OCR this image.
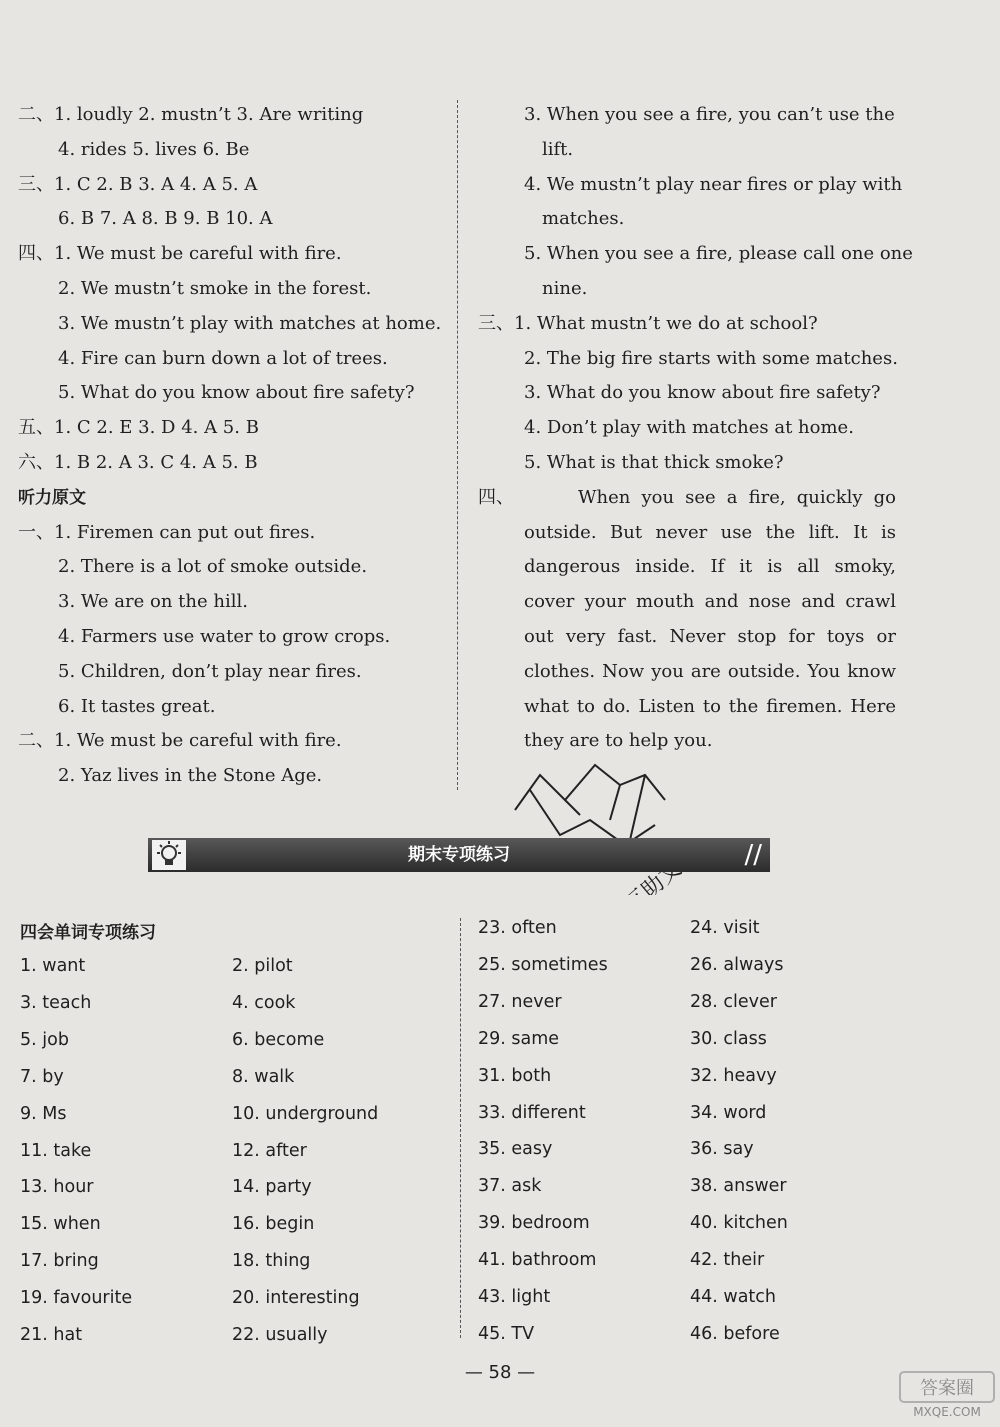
二、1. loudly 2. mustn’t 3. Are writing
4. rides 5. lives 6. Be
三、1. C 2. B 3. A 4. A 5. A
6. B 7. A 8. B 9. B 10. A
四、1. We must be careful with fire.
2. We mustn’t smoke in the forest.
3. We mustn’t play with matches at home.
4. Fire can burn down a lot of trees.
5. What do you know about fire safety?
五、1. C 2. E 3. D 4. A 5. B
六、1. B 2. A 3. C 4. A 5. B
听力原文
一、1. Firemen can put out fires.
2. There is a lot of smoke outside.
3. We are on the hill.
4. Farmers use water to grow crops.
5. Children, don’t play near fires.
6. It tastes great.
二、1. We must be careful with fire.
2. Yaz lives in the Stone Age.
3. When you see a fire, you can’t use the
lift.
4. We mustn’t play near fires or play with
matches.
5. When you see a fire, please call one one
nine.
三、1. What mustn’t we do at school?
2. The big fire starts with some matches.
3. What do you know about fire safety?
4. Don’t play with matches at home.
5. What is that thick smoke?
四、	When you see a fire, quickly go outside. But never use the lift. It is dangerous inside. If it is all smoky, cover your mouth and nose and crawl out very fast. Never stop for toys or clothes. Now you are outside. You know what to do. Listen to the firemen. Here they are to help you.
期末专项练习	//
四会单词专项练习
1. want	2. pilot
3. teach	4. cook
5. job	6. become
7. by	8. walk
9. Ms	10. underground
11. take	12. after
13. hour	14. party
15. when	16. begin
17. bring	18. thing
19. favourite	20. interesting
21. hat	22. usually
23. often	24. visit
25. sometimes	26. always
27. never	28. clever
29. same	30. class
31. both	32. heavy
33. different	34. word
35. easy	36. say
37. ask	38. answer
39. bedroom	40. kitchen
41. bathroom	42. their
43. light	44. watch
45. TV	46. before
— 58 —
答案圈
MXQE.COM
